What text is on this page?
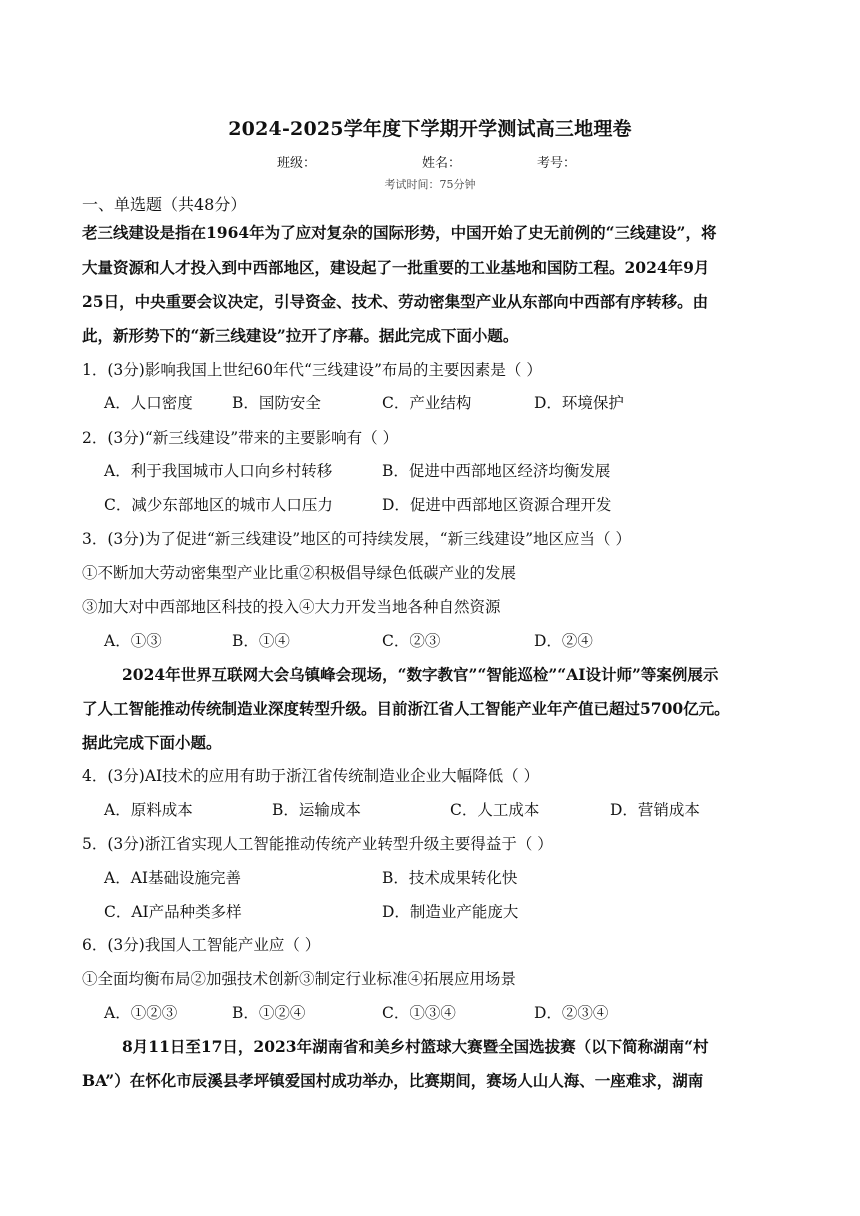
2024-2025学年度下学期开学测试高三地理卷
班级：	姓名：	考号：
考试时间：75分钟
一、单选题（共48分）
老三线建设是指在1964年为了应对复杂的国际形势，中国开始了史无前例的“三线建设”，将
大量资源和人才投入到中西部地区，建设起了一批重要的工业基地和国防工程。2024年9月
25日，中央重要会议决定，引导资金、技术、劳动密集型产业从东部向中西部有序转移。由
此，新形势下的“新三线建设”拉开了序幕。据此完成下面小题。
1．(3分)影响我国上世纪60年代“三线建设”布局的主要因素是（ ）
A．人口密度	B．国防安全	C．产业结构	D．环境保护
2．(3分)“新三线建设”带来的主要影响有（ ）
A．利于我国城市人口向乡村转移	B．促进中西部地区经济均衡发展
C．减少东部地区的城市人口压力	D．促进中西部地区资源合理开发
3．(3分)为了促进“新三线建设”地区的可持续发展，“新三线建设”地区应当（ ）
①不断加大劳动密集型产业比重②积极倡导绿色低碳产业的发展
③加大对中西部地区科技的投入④大力开发当地各种自然资源
A．①③	B．①④	C．②③	D．②④
2024年世界互联网大会乌镇峰会现场，“数字教官”“智能巡检”“AI设计师”等案例展示
了人工智能推动传统制造业深度转型升级。目前浙江省人工智能产业年产值已超过5700亿元。
据此完成下面小题。
4．(3分)AI技术的应用有助于浙江省传统制造业企业大幅降低（ ）
A．原料成本	B．运输成本	C．人工成本	D．营销成本
5．(3分)浙江省实现人工智能推动传统产业转型升级主要得益于（ ）
A．AI基础设施完善	B．技术成果转化快
C．AI产品种类多样	D．制造业产能庞大
6．(3分)我国人工智能产业应（ ）
①全面均衡布局②加强技术创新③制定行业标准④拓展应用场景
A．①②③	B．①②④	C．①③④	D．②③④
8月11日至17日，2023年湖南省和美乡村篮球大赛暨全国选拔赛（以下简称湖南“村
BA”）在怀化市辰溪县孝坪镇爱国村成功举办，比赛期间，赛场人山人海、一座难求，湖南
